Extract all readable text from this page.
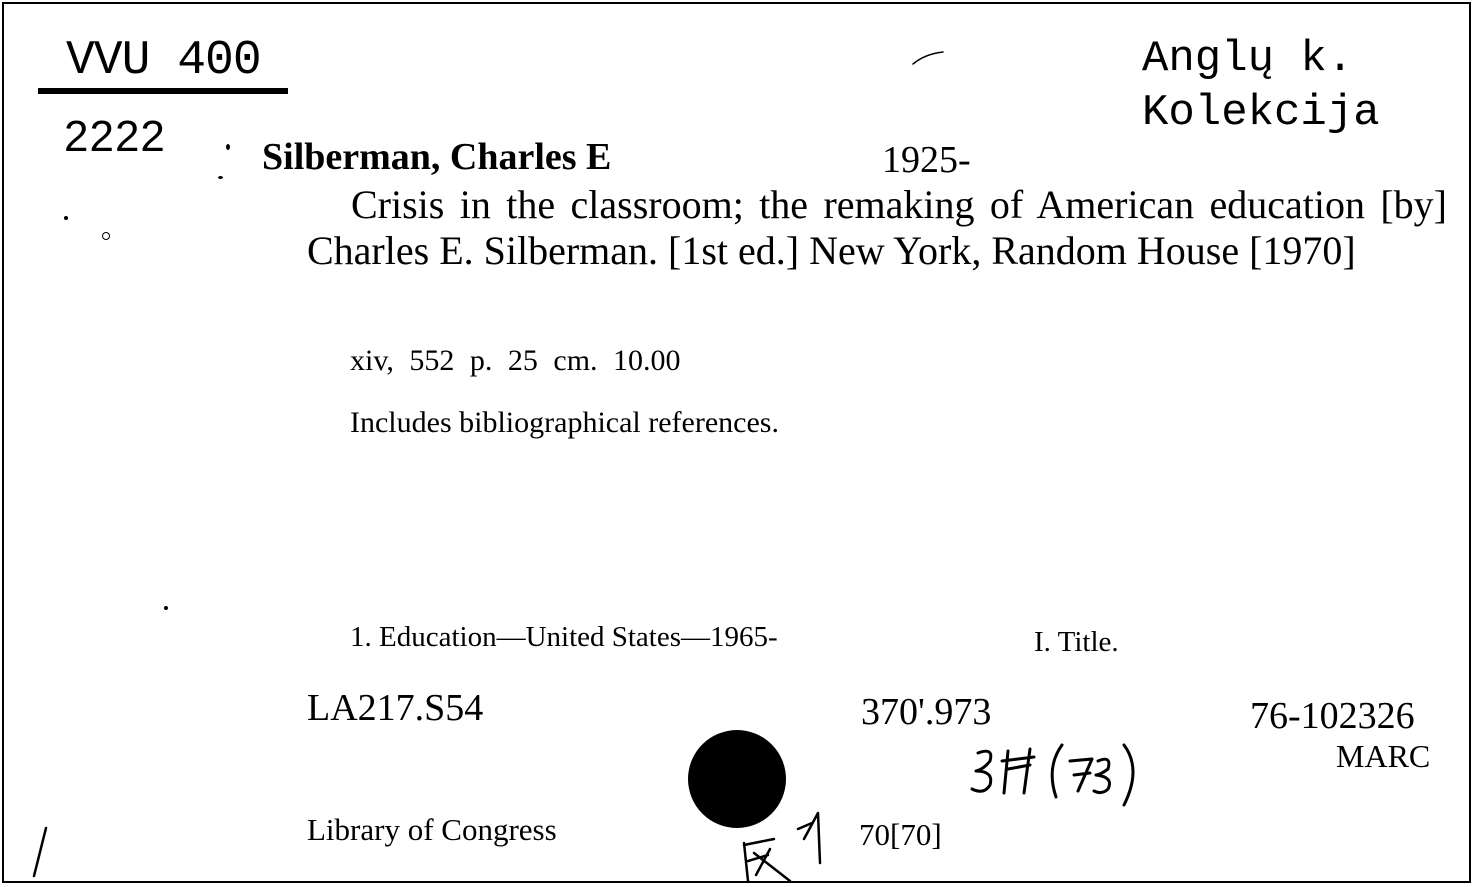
VVU 400
2222
Anglų k.
Kolekcija
Silberman, Charles E	1925-
Crisis in the classroom; the remaking of American education [by] Charles E. Silberman. [1st ed.] New York, Random House [1970]
xiv, 552 p. 25 cm. 10.00
Includes bibliographical references.
1. Education—United States—1965-	I. Title.
LA217.S54	370'.973	76-102326
MARC
Library of Congress	70[70]
